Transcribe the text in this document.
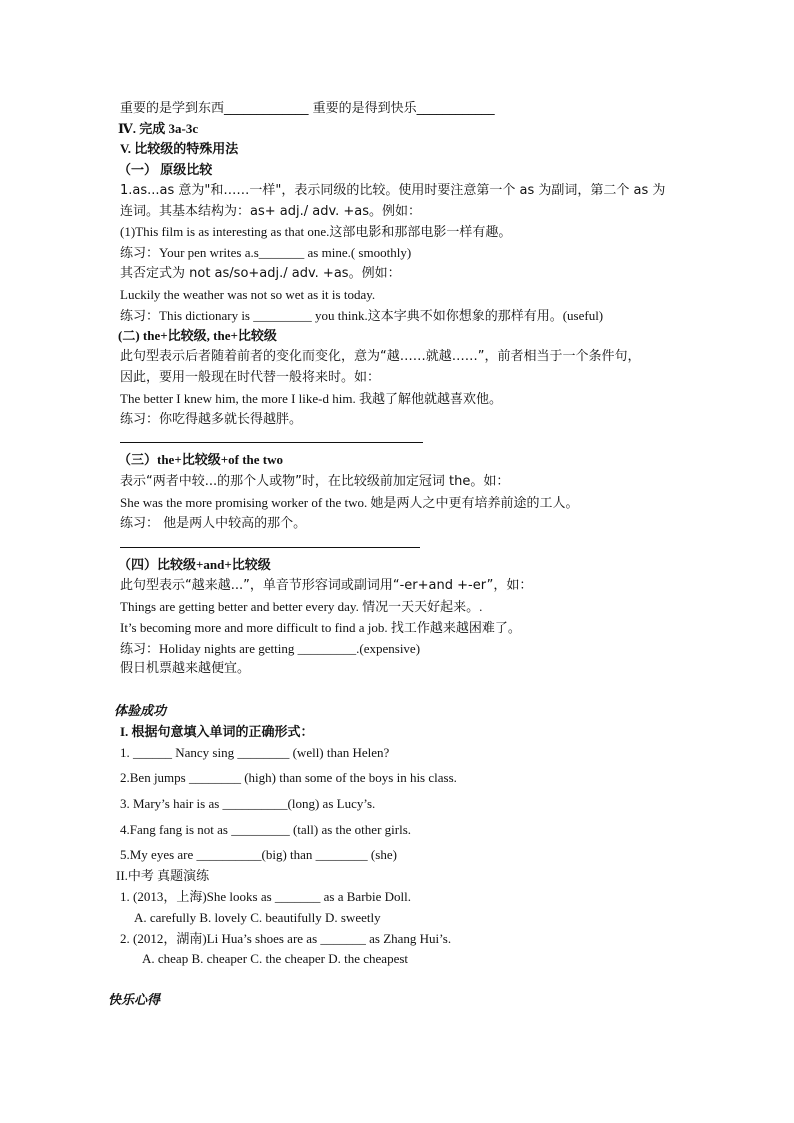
重要的是学到东西_____________ 重要的是得到快乐____________
Ⅳ. 完成 3a-3c
V. 比较级的特殊用法
（一） 原级比较
1.as...as 意为"和……一样"，表示同级的比较。使用时要注意第一个 as 为副词，第二个 as 为
连词。其基本结构为：as+ adj./ adv. +as。例如：
(1)This film is as interesting as that one.这部电影和那部电影一样有趣。
练习：Your pen writes a.s_______ as mine.( smoothly)
其否定式为 not as/so+adj./ adv. +as。例如：
Luckily the weather was not so wet as it is today.
练习：This dictionary is _________ you think.这本字典不如你想象的那样有用。(useful)
(二) the+比较级, the+比较级
此句型表示后者随着前者的变化而变化，意为“越……就越……”，前者相当于一个条件句，
因此，要用一般现在时代替一般将来时。如：
The better I knew him, the more I like-d him. 我越了解他就越喜欢他。
练习：你吃得越多就长得越胖。
（三）the+比较级+of the two
表示“两者中较...的那个人或物”时，在比较级前加定冠词 the。如：
She was the more promising worker of the two. 她是两人之中更有培养前途的工人。
练习： 他是两人中较高的那个。
（四）比较级+and+比较级
此句型表示“越来越...”，单音节形容词或副词用“-er+and +-er”，如：
Things are getting better and better every day. 情况一天天好起来。.
It’s becoming more and more difficult to find a job. 找工作越来越困难了。
练习：Holiday nights are getting _________.(expensive)
假日机票越来越便宜。
体验成功
I. 根据句意填入单词的正确形式：
1. ______ Nancy sing ________ (well) than Helen?
2.Ben jumps ________ (high) than some of the boys in his class.
3. Mary’s hair is as __________(long) as Lucy’s.
4.Fang fang is not as _________ (tall) as the other girls.
5.My eyes are __________(big) than ________ (she)
II.中考 真题演练
1. (2013，上海)She looks as _______ as a Barbie Doll.
A. carefully B. lovely C. beautifully D. sweetly
2. (2012，湖南)Li Hua’s shoes are as _______ as Zhang Hui’s.
A. cheap B. cheaper C. the cheaper D. the cheapest
快乐心得
